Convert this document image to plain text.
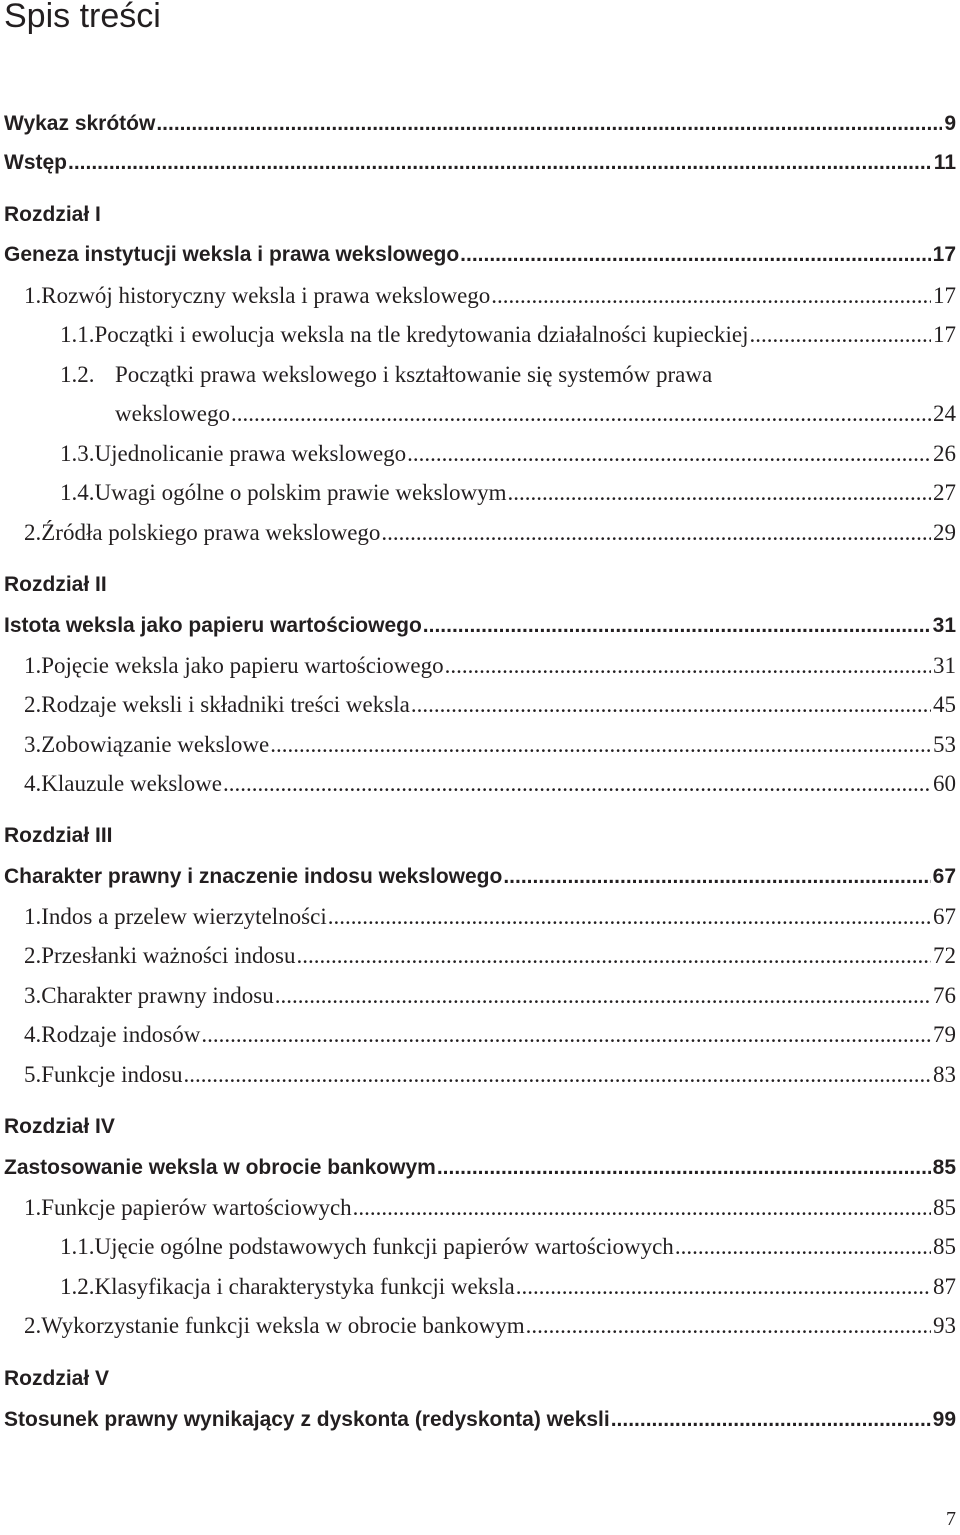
Spis treści
Wykaz skrótów .....	9
Wstęp .....	11
Rozdział I
Geneza instytucji weksla i prawa wekslowego .....	17
1. Rozwój historyczny weksla i prawa wekslowego .....	17
1.1. Początki i ewolucja weksla na tle kredytowania działalności kupieckiej .....	17
1.2. Początki prawa wekslowego i kształtowanie się systemów prawa
wekslowego .....	24
1.3. Ujednolicanie prawa wekslowego .....	26
1.4. Uwagi ogólne o polskim prawie wekslowym .....	27
2. Źródła polskiego prawa wekslowego .....	29
Rozdział II
Istota weksla jako papieru wartościowego .....	31
1. Pojęcie weksla jako papieru wartościowego .....	31
2. Rodzaje weksli i składniki treści weksla .....	45
3. Zobowiązanie wekslowe .....	53
4. Klauzule wekslowe .....	60
Rozdział III
Charakter prawny i znaczenie indosu wekslowego .....	67
1. Indos a przelew wierzytelności .....	67
2. Przesłanki ważności indosu .....	72
3. Charakter prawny indosu .....	76
4. Rodzaje indosów .....	79
5. Funkcje indosu .....	83
Rozdział IV
Zastosowanie weksla w obrocie bankowym .....	85
1. Funkcje papierów wartościowych .....	85
1.1. Ujęcie ogólne podstawowych funkcji papierów wartościowych .....	85
1.2. Klasyfikacja i charakterystyka funkcji weksla .....	87
2. Wykorzystanie funkcji weksla w obrocie bankowym .....	93
Rozdział V
Stosunek prawny wynikający z dyskonta (redyskonta) weksli .....	99
7
